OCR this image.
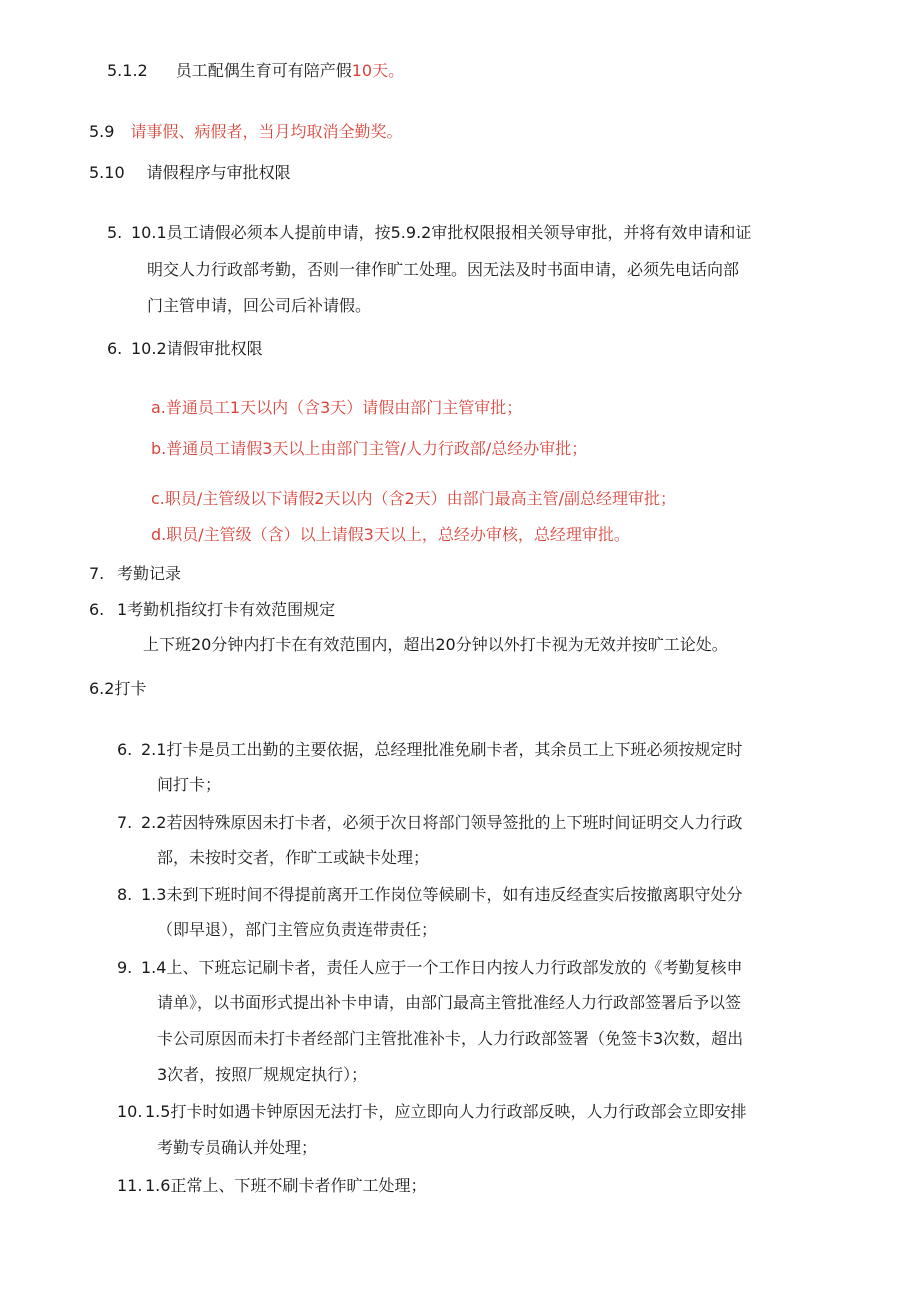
5.1.2 员工配偶生育可有陪产假10天。
5.9 请事假、病假者，当月均取消全勤奖。
5.10 请假程序与审批权限
5. 10.1员工请假必须本人提前申请，按5.9.2审批权限报相关领导审批，并将有效申请和证
明交人力行政部考勤，否则一律作旷工处理。因无法及时书面申请，必须先电话向部
门主管申请，回公司后补请假。
6. 10.2请假审批权限
a.普通员工1天以内（含3天）请假由部门主管审批；
b.普通员工请假3天以上由部门主管/人力行政部/总经办审批；
c.职员/主管级以下请假2天以内（含2天）由部门最高主管/副总经理审批；
d.职员/主管级（含）以上请假3天以上，总经办审核，总经理审批。
7. 考勤记录
6. 1考勤机指纹打卡有效范围规定
上下班20分钟内打卡在有效范围内，超出20分钟以外打卡视为无效并按旷工论处。
6.2打卡
6. 2.1打卡是员工出勤的主要依据，总经理批准免刷卡者，其余员工上下班必须按规定时
间打卡；
7. 2.2若因特殊原因未打卡者，必须于次日将部门领导签批的上下班时间证明交人力行政
部，未按时交者，作旷工或缺卡处理；
8. 1.3未到下班时间不得提前离开工作岗位等候刷卡，如有违反经查实后按撤离职守处分
（即早退），部门主管应负责连带责任；
9. 1.4上、下班忘记刷卡者，责任人应于一个工作日内按人力行政部发放的《考勤复核申
请单》，以书面形式提出补卡申请，由部门最高主管批准经人力行政部签署后予以签
卡公司原因而未打卡者经部门主管批准补卡，人力行政部签署（免签卡3次数，超出
3次者，按照厂规规定执行）；
10. 1.5打卡时如遇卡钟原因无法打卡，应立即向人力行政部反映，人力行政部会立即安排
考勤专员确认并处理；
11. 1.6正常上、下班不刷卡者作旷工处理；
